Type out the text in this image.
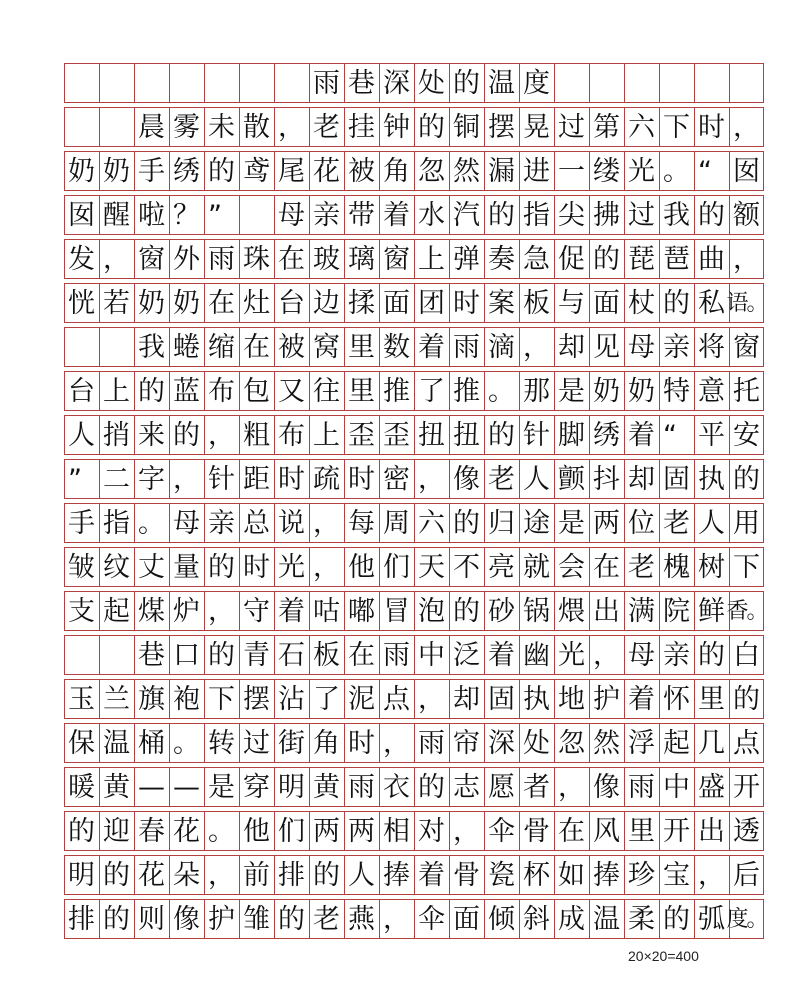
雨 巷 深 处 的 温 度
晨 雾 未 散 ， 老 挂 钟 的 铜 摆 晃 过 第 六 下 时 ，
奶 奶 手 绣 的 鸢 尾 花 被 角 忽 然 漏 进 一 缕 光 。 “ 囡
囡 醒 啦 ？ ”	母 亲 带 着 水 汽 的 指 尖 拂 过 我 的 额
发 ， 窗 外 雨 珠 在 玻 璃 窗 上 弹 奏 急 促 的 琵 琶 曲 ，
恍 若 奶 奶 在 灶 台 边 揉 面 团 时 案 板 与 面 杖 的 私 语。
我 蜷 缩 在 被 窝 里 数 着 雨 滴 ， 却 见 母 亲 将 窗
台 上 的 蓝 布 包 又 往 里 推 了 推 。 那 是 奶 奶 特 意 托
人 捎 来 的 ， 粗 布 上 歪 歪 扭 扭 的 针 脚 绣 着 “ 平 安
” 二 字 ， 针 距 时 疏 时 密 ， 像 老 人 颤 抖 却 固 执 的
手 指 。 母 亲 总 说 ， 每 周 六 的 归 途 是 两 位 老 人 用
皱 纹 丈 量 的 时 光 ， 他 们 天 不 亮 就 会 在 老 槐 树 下
支 起 煤 炉 ， 守 着 咕 嘟 冒 泡 的 砂 锅 煨 出 满 院 鲜 香。
巷 口 的 青 石 板 在 雨 中 泛 着 幽 光 ， 母 亲 的 白
玉 兰 旗 袍 下 摆 沾 了 泥 点 ， 却 固 执 地 护 着 怀 里 的
保 温 桶 。 转 过 街 角 时 ， 雨 帘 深 处 忽 然 浮 起 几 点
暖 黄 — — 是 穿 明 黄 雨 衣 的 志 愿 者 ， 像 雨 中 盛 开
的 迎 春 花 。 他 们 两 两 相 对 ， 伞 骨 在 风 里 开 出 透
明 的 花 朵 ， 前 排 的 人 捧 着 骨 瓷 杯 如 捧 珍 宝 ， 后
排 的 则 像 护 雏 的 老 燕 ， 伞 面 倾 斜 成 温 柔 的 弧 度。
20×20=400
